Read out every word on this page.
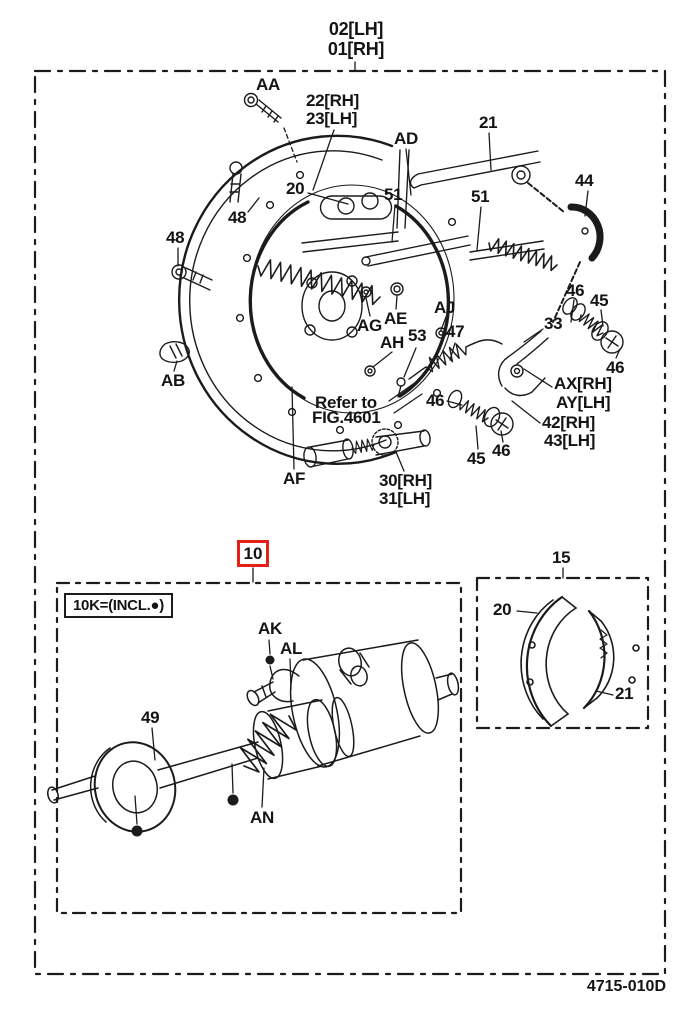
02[LH]
01[RH]
10
10K=(INCL.●)
AA
22[RH]
23[LH]
AD
21
44
20	51	51
48
48
46
45
33
AG AE
AJ
AH 53 47
AB
46
AX[RH]
AY[LH]
42[RH]
43[LH]
Refer to
FIG.4601
46
45 46
AF	30[RH]
31[LH]
AK
AL
49
AN
15
20
21
4715-010D
